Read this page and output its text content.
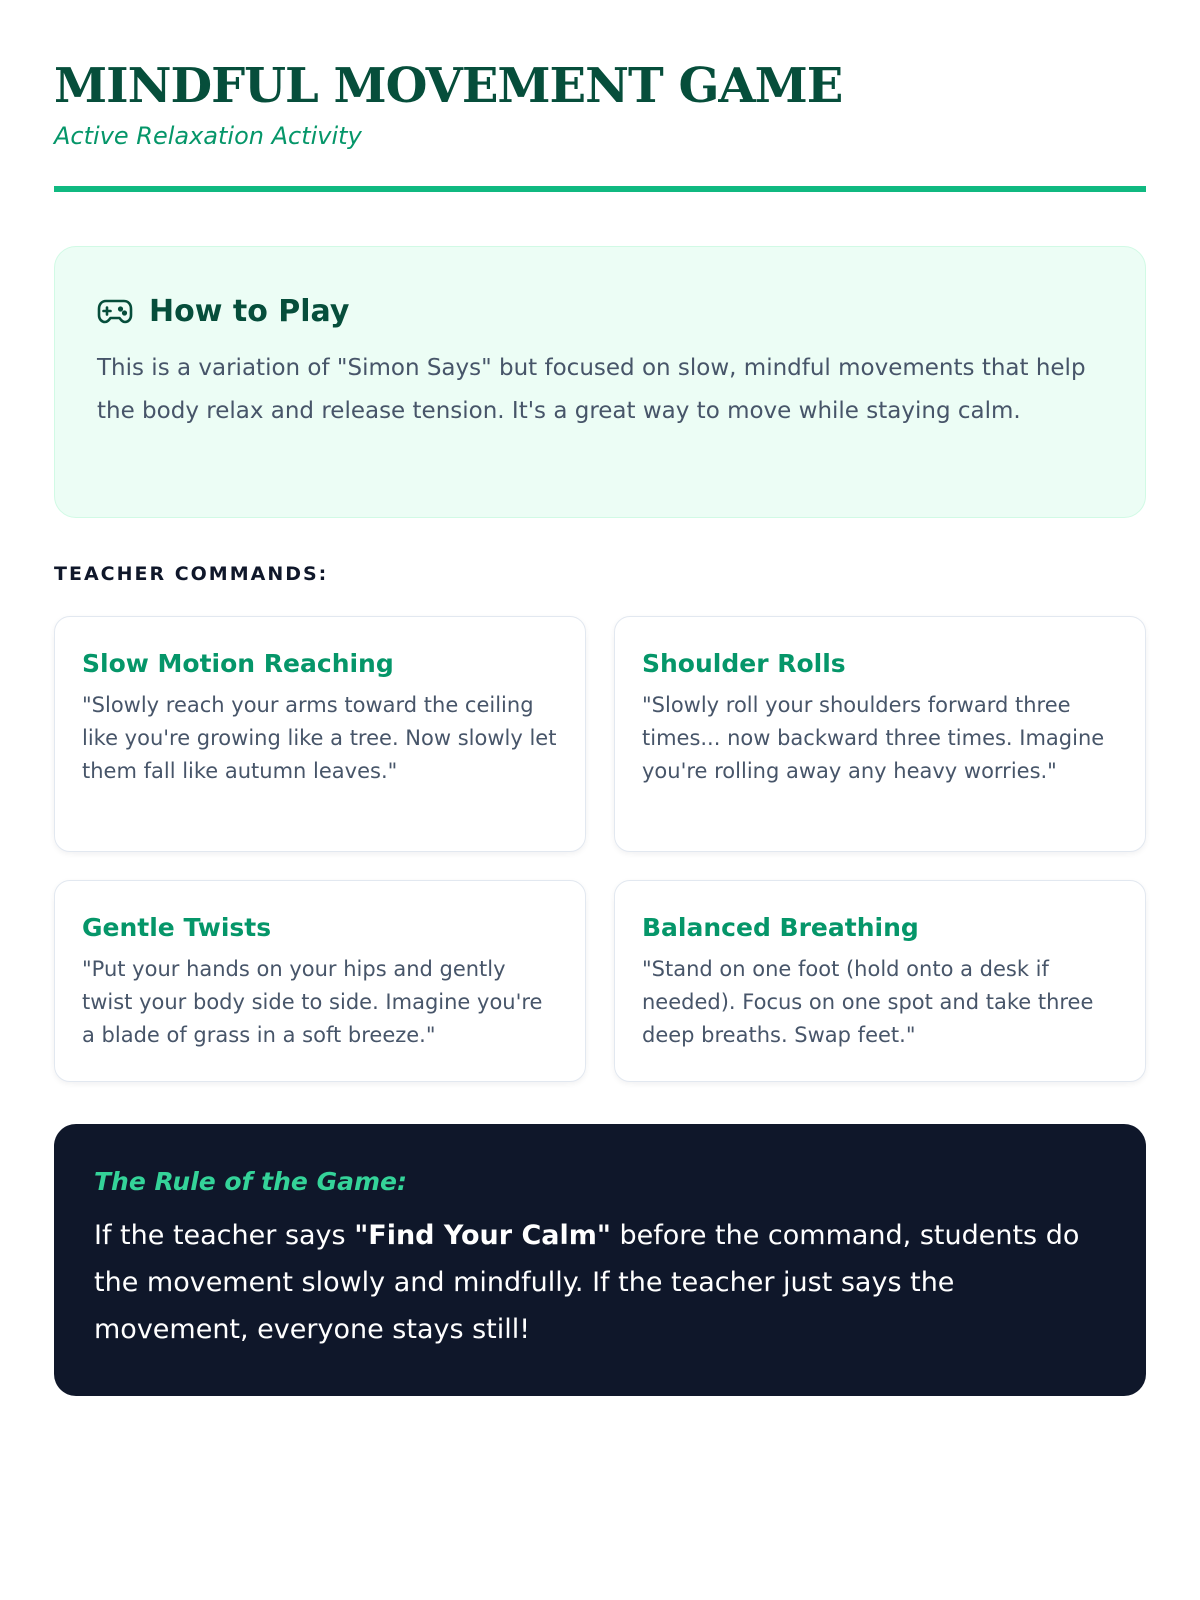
MINDFUL MOVEMENT GAME
Active Relaxation Activity
How to Play

This is a variation of "Simon Says" but focused on slow, mindful movements that help the body relax and release tension. It's a great way to move while staying calm.

TEACHER COMMANDS:
Slow Motion Reaching

"Slowly reach your arms toward the ceiling like you're growing like a tree. Now slowly let them fall like autumn leaves."

Shoulder Rolls

"Slowly roll your shoulders forward three times... now backward three times. Imagine you're rolling away any heavy worries."

Gentle Twists

"Put your hands on your hips and gently twist your body side to side. Imagine you're a blade of grass in a soft breeze."

Balanced Breathing

"Stand on one foot (hold onto a desk if needed). Focus on one spot and take three deep breaths. Swap feet."

The Rule of the Game:

If the teacher says "Find Your Calm" before the command, students do the movement slowly and mindfully. If the teacher just says the movement, everyone stays still!
